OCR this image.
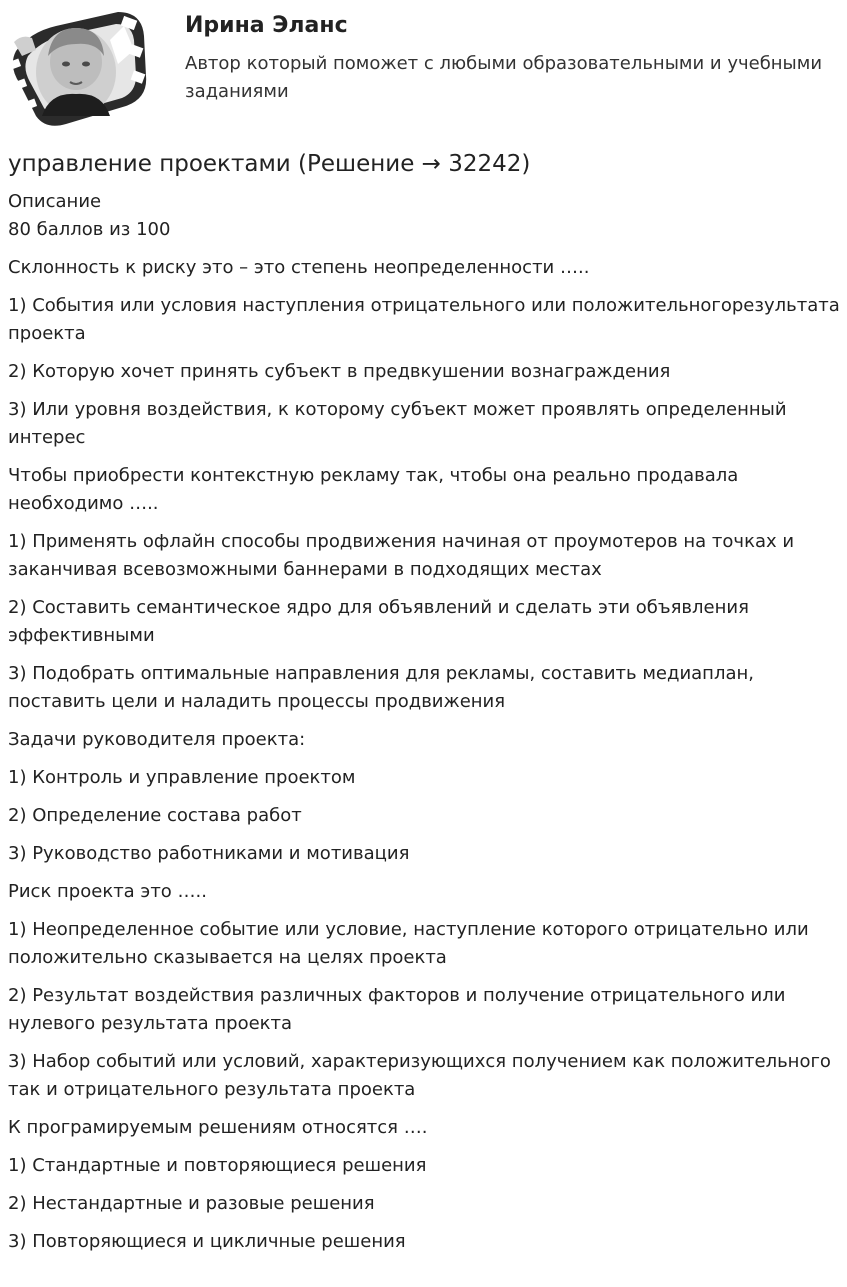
Ирина Эланс

Автор который поможет с любыми образовательными и учебными заданиями

управление проектами (Решение → 32242)

Описание

80 баллов из 100

Склонность к риску это – это степень неопределенности …..

1) События или условия наступления отрицательного или положительногорезультата проекта

2) Которую хочет принять субъект в предвкушении вознаграждения

3) Или уровня воздействия, к которому субъект может проявлять определенный интерес

Чтобы приобрести контекстную рекламу так, чтобы она реально продавала необходимо …..

1) Применять офлайн способы продвижения начиная от проумотеров на точках и заканчивая всевозможными баннерами в подходящих местах

2) Составить семантическое ядро для объявлений и сделать эти объявления эффективными

3) Подобрать оптимальные направления для рекламы, составить медиаплан, поставить цели и наладить процессы продвижения

Задачи руководителя проекта:

1) Контроль и управление проектом

2) Определение состава работ

3) Руководство работниками и мотивация

Риск проекта это …..

1) Неопределенное событие или условие, наступление которого отрицательно или положительно сказывается на целях проекта

2) Результат воздействия различных факторов и получение отрицательного или нулевого результата проекта

3) Набор событий или условий, характеризующихся получением как положительного так и отрицательного результата проекта

К програмируемым решениям относятся ….

1) Стандартные и повторяющиеся решения

2) Нестандартные и разовые решения

3) Повторяющиеся и цикличные решения
